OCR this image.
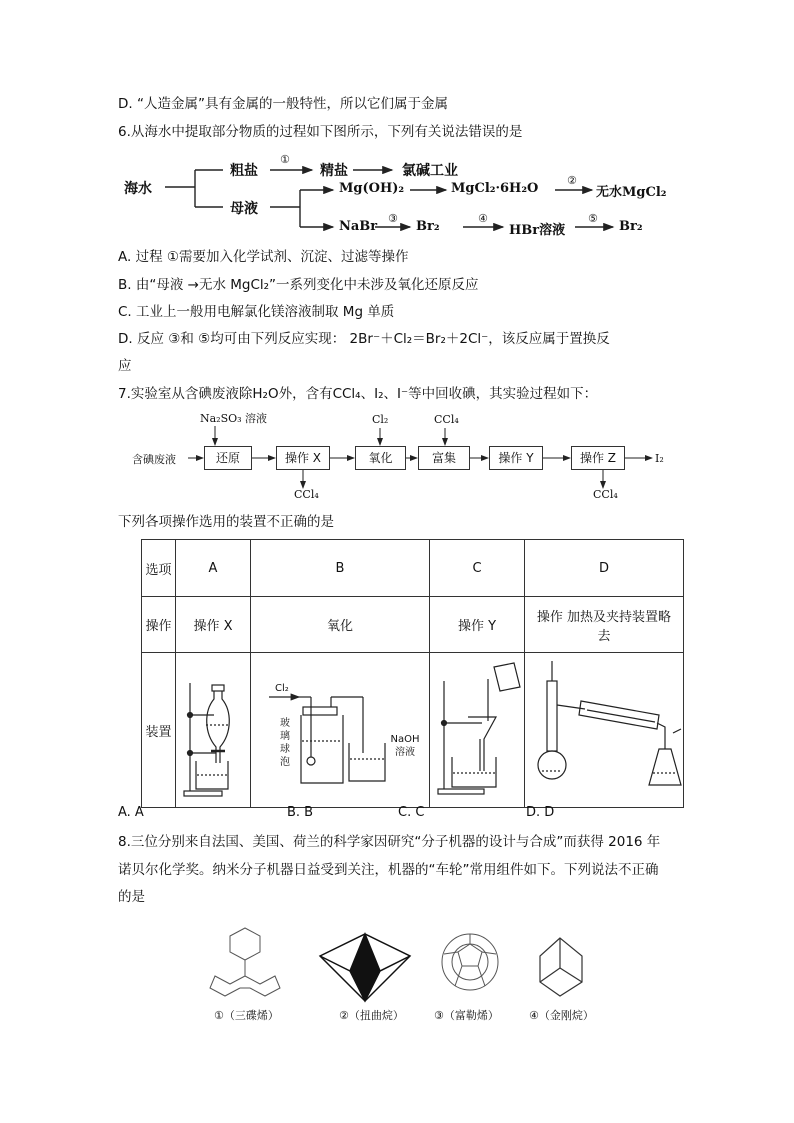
D. “人造金属”具有金属的一般特性，所以它们属于金属
6.从海水中提取部分物质的过程如下图所示，下列有关说法错误的是
海水
粗盐
①
精盐	氯碱工业
母液
Mg(OH)₂	MgCl₂·6H₂O
②
无水MgCl₂
NaBr
③
Br₂
④
HBr溶液
⑤
Br₂
A. 过程 ①需要加入化学试剂、沉淀、过滤等操作
B. 由“母液 →无水 MgCl₂”一系列变化中未涉及氧化还原反应
C. 工业上一般用电解氯化镁溶液制取 Mg 单质
D. 反应 ③和 ⑤均可由下列反应实现： 2Br⁻＋Cl₂＝Br₂＋2Cl⁻，该反应属于置换反
应
7.实验室从含碘废液除H₂O外，含有CCl₄、I₂、I⁻等中回收碘，其实验过程如下：
含碘废液
Na₂SO₃ 溶液
还原	操作 X
CCl₄
Cl₂
氧化
CCl₄
富集	操作 Y	操作 Z
CCl₄
I₂
下列各项操作选用的装置不正确的是
选项	A	B	C	D
操作	操作 X	氧化	操作 Y	操作 加热及夹持装置略去
装置		Cl₂
玻璃球泡
NaOH溶液

A. A	B. B	C. C	D. D
8.三位分别来自法国、美国、荷兰的科学家因研究“分子机器的设计与合成”而获得 2016 年
诺贝尔化学奖。纳米分子机器日益受到关注，机器的“车轮”常用组件如下。下列说法不正确
的是
①（三碟烯）	②（扭曲烷）	③（富勒烯）	④（金刚烷）
